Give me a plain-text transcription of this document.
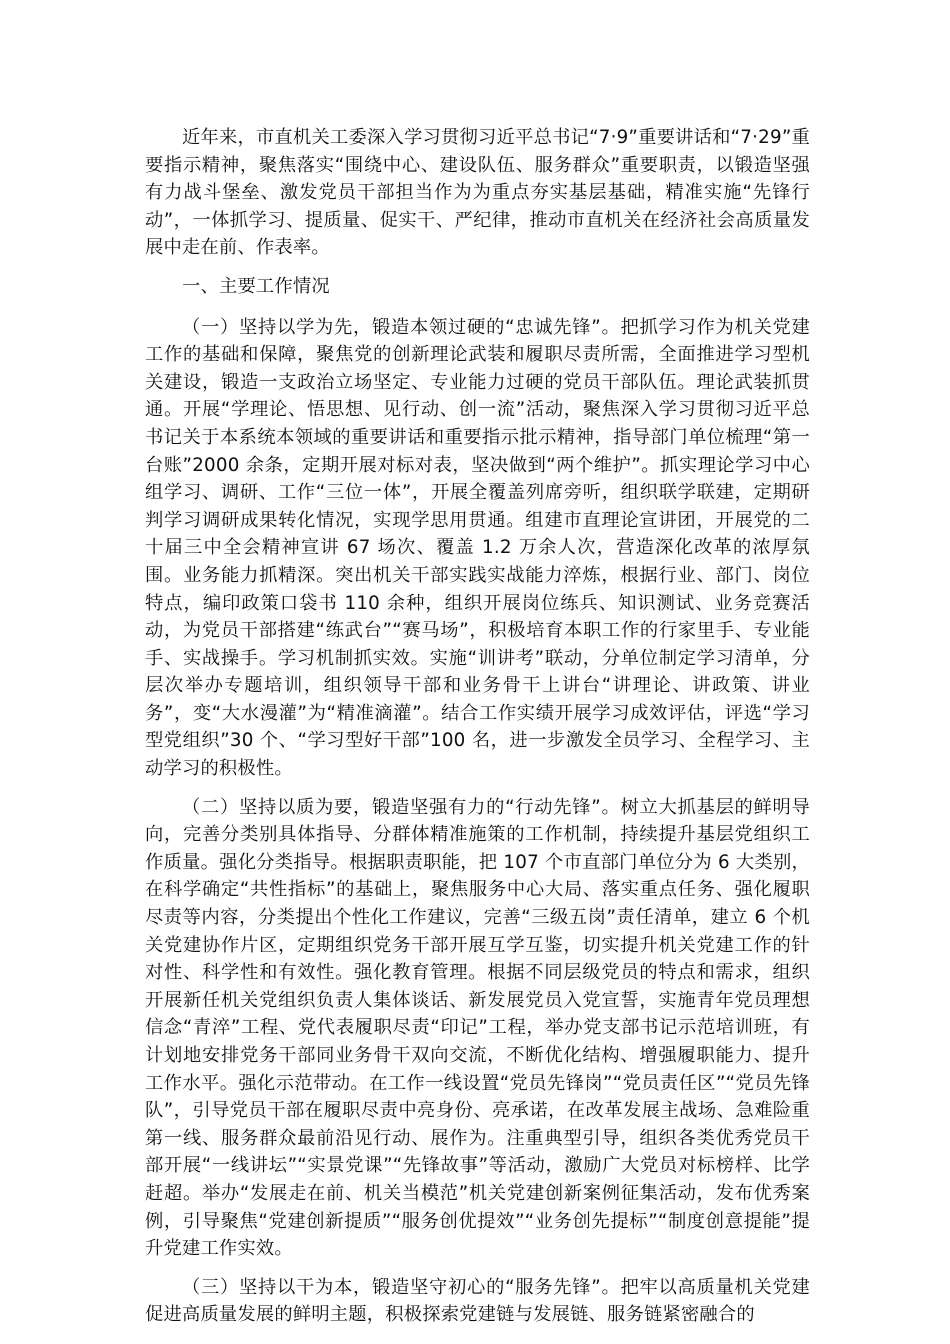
近年来，市直机关工委深入学习贯彻习近平总书记“7·9”重要讲话和“7·29”重要指示精神，聚焦落实“围绕中心、建设队伍、服务群众”重要职责，以锻造坚强有力战斗堡垒、激发党员干部担当作为为重点夯实基层基础，精准实施“先锋行动”，一体抓学习、提质量、促实干、严纪律，推动市直机关在经济社会高质量发展中走在前、作表率。

一、主要工作情况

（一）坚持以学为先，锻造本领过硬的“忠诚先锋”。把抓学习作为机关党建工作的基础和保障，聚焦党的创新理论武装和履职尽责所需，全面推进学习型机关建设，锻造一支政治立场坚定、专业能力过硬的党员干部队伍。理论武装抓贯通。开展“学理论、悟思想、见行动、创一流”活动，聚焦深入学习贯彻习近平总书记关于本系统本领域的重要讲话和重要指示批示精神，指导部门单位梳理“第一台账”2000 余条，定期开展对标对表，坚决做到“两个维护”。抓实理论学习中心组学习、调研、工作“三位一体”，开展全覆盖列席旁听，组织联学联建，定期研判学习调研成果转化情况，实现学思用贯通。组建市直理论宣讲团，开展党的二十届三中全会精神宣讲 67 场次、覆盖 1.2 万余人次，营造深化改革的浓厚氛围。业务能力抓精深。突出机关干部实践实战能力淬炼，根据行业、部门、岗位特点，编印政策口袋书 110 余种，组织开展岗位练兵、知识测试、业务竞赛活动，为党员干部搭建“练武台”“赛马场”，积极培育本职工作的行家里手、专业能手、实战操手。学习机制抓实效。实施“训讲考”联动，分单位制定学习清单，分层次举办专题培训，组织领导干部和业务骨干上讲台“讲理论、讲政策、讲业务”，变“大水漫灌”为“精准滴灌”。结合工作实绩开展学习成效评估，评选“学习型党组织”30 个、“学习型好干部”100 名，进一步激发全员学习、全程学习、主动学习的积极性。

（二）坚持以质为要，锻造坚强有力的“行动先锋”。树立大抓基层的鲜明导向，完善分类别具体指导、分群体精准施策的工作机制，持续提升基层党组织工作质量。强化分类指导。根据职责职能，把 107 个市直部门单位分为 6 大类别，在科学确定“共性指标”的基础上，聚焦服务中心大局、落实重点任务、强化履职尽责等内容，分类提出个性化工作建议，完善“三级五岗”责任清单，建立 6 个机关党建协作片区，定期组织党务干部开展互学互鉴，切实提升机关党建工作的针对性、科学性和有效性。强化教育管理。根据不同层级党员的特点和需求，组织开展新任机关党组织负责人集体谈话、新发展党员入党宣誓，实施青年党员理想信念“青淬”工程、党代表履职尽责“印记”工程，举办党支部书记示范培训班，有计划地安排党务干部同业务骨干双向交流，不断优化结构、增强履职能力、提升工作水平。强化示范带动。在工作一线设置“党员先锋岗”“党员责任区”“党员先锋队”，引导党员干部在履职尽责中亮身份、亮承诺，在改革发展主战场、急难险重第一线、服务群众最前沿见行动、展作为。注重典型引导，组织各类优秀党员干部开展“一线讲坛”“实景党课”“先锋故事”等活动，激励广大党员对标榜样、比学赶超。举办“发展走在前、机关当模范”机关党建创新案例征集活动，发布优秀案例，引导聚焦“党建创新提质”“服务创优提效”“业务创先提标”“制度创意提能”提升党建工作实效。

（三）坚持以干为本，锻造坚守初心的“服务先锋”。把牢以高质量机关党建促进高质量发展的鲜明主题，积极探索党建链与发展链、服务链紧密融合的
